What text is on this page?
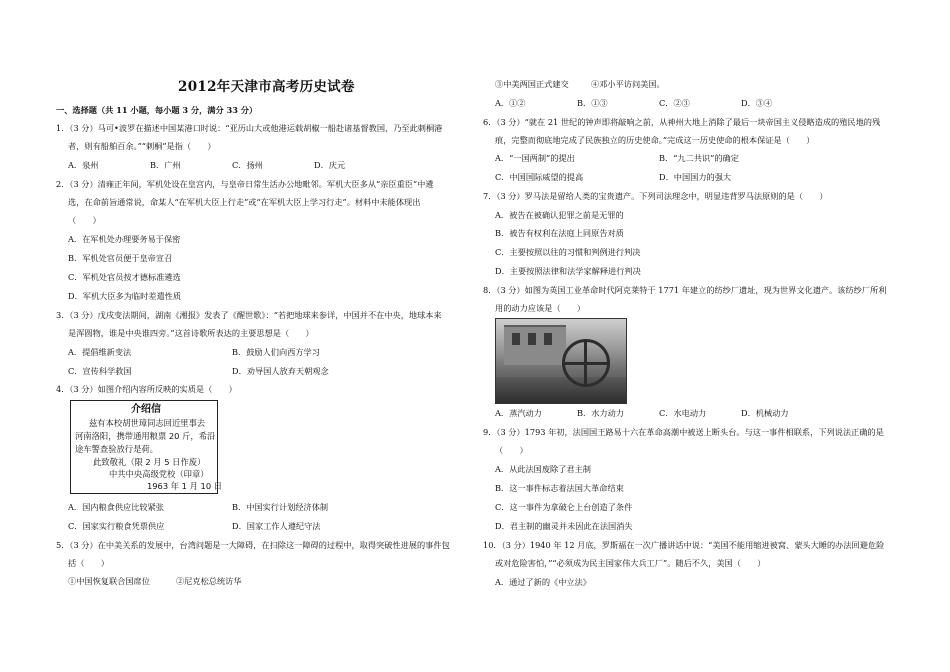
2012年天津市高考历史试卷
一、选择题（共 11 小题，每小题 3 分，满分 33 分）
1．（3 分）马可•波罗在描述中国某港口时说：“亚历山大或他港运载胡椒一船赴诸基督教国，乃至此刺桐港
者，则有船舶百余。”“刺桐”是指（　　）
A．泉州	B．广州	C．扬州	D．庆元
2．（3 分）清雍正年间，军机处设在皇宫内，与皇帝日常生活办公地毗邻。军机大臣多从“亲臣重臣”中遴
选，在命前旨通常说，命某人“在军机大臣上行走”或“在军机大臣上学习行走”。材料中未能体现出
（　　）
A．在军机处办理要务易于保密
B．军机处官员便于皇帝宣召
C．军机处官员按才德标准遴选
D．军机大臣多为临时差遣性质
3．（3 分）戊戌变法期间，湖南《湘报》发表了《醒世歌》：“若把地球来参详，中国并不在中央，地球本来
是浑圆物，谁是中央谁四旁。”这首诗歌所表达的主要思想是（　　）
A．提倡维新变法	B．鼓励人们向西方学习
C．宣传科学救国	D．劝导国人放弃天朝观念
4．（3 分）如图介绍内容所反映的实质是（　　）
介绍信
兹有本校胡世璋同志回近里事去
河南洛阳，携带通用粮票 20 斤，希沿
途车警查验放行是荷。
此致敬礼（限 2 月 5 日作废）
中共中央高级党校（印章）
1963 年 1 月 10 日
A．国内粮食供应比较紧张	B．中国实行计划经济体制
C．国家实行粮食凭票供应	D．国家工作人遵纪守法
5．（3 分）在中美关系的发展中，台湾问题是一大障碍，在扫除这一障碍的过程中，取得突破性进展的事件包
括（　　）
①中国恢复联合国席位	②尼克松总统访华
③中美两国正式建交	④邓小平访问美国。
A．①②	B．①③	C．②③	D．③④
6．（3 分）“就在 21 世纪的钟声即将敲响之前，从神州大地上消除了最后一块帝国主义侵略造成的殖民地的残
痕，完整而彻底地完成了民族独立的历史使命。”完成这一历史使命的根本保证是（　　）
A．“一国两制”的提出	B．“九二共识”的确定
C．中国国际威望的提高	D．中国国力的强大
7．（3 分）罗马法是留给人类的宝贵遗产。下列司法理念中，明显违背罗马法原则的是（　　）
A．被告在被确认犯罪之前是无罪的
B．被告有权利在法庭上同原告对质
C．主要按照以往的习惯和判例进行判决
D．主要按照法律和法学家解释进行判决
8．（3 分）如图为英国工业革命时代阿克莱特于 1771 年建立的纺纱厂遗址，现为世界文化遗产。该纺纱厂所利
用的动力应该是（　　）
A．蒸汽动力	B．水力动力	C．水电动力	D．机械动力
9．（3 分）1793 年初，法国国王路易十六在革命高潮中被送上断头台。与这一事件相联系，下列说法正确的是
（　　）
A．从此法国废除了君主制
B．这一事件标志着法国大革命结束
C．这一事件为拿破仑上台创造了条件
D．君主制的幽灵并未因此在法国消失
10．（3 分）1940 年 12 月底，罗斯福在一次广播讲话中说：“美国不能用缩进被窝、蒙头大睡的办法回避危险
或对危险害怕，”“必须成为民主国家伟大兵工厂”。随后不久，美国（　　）
A．通过了新的《中立法》
